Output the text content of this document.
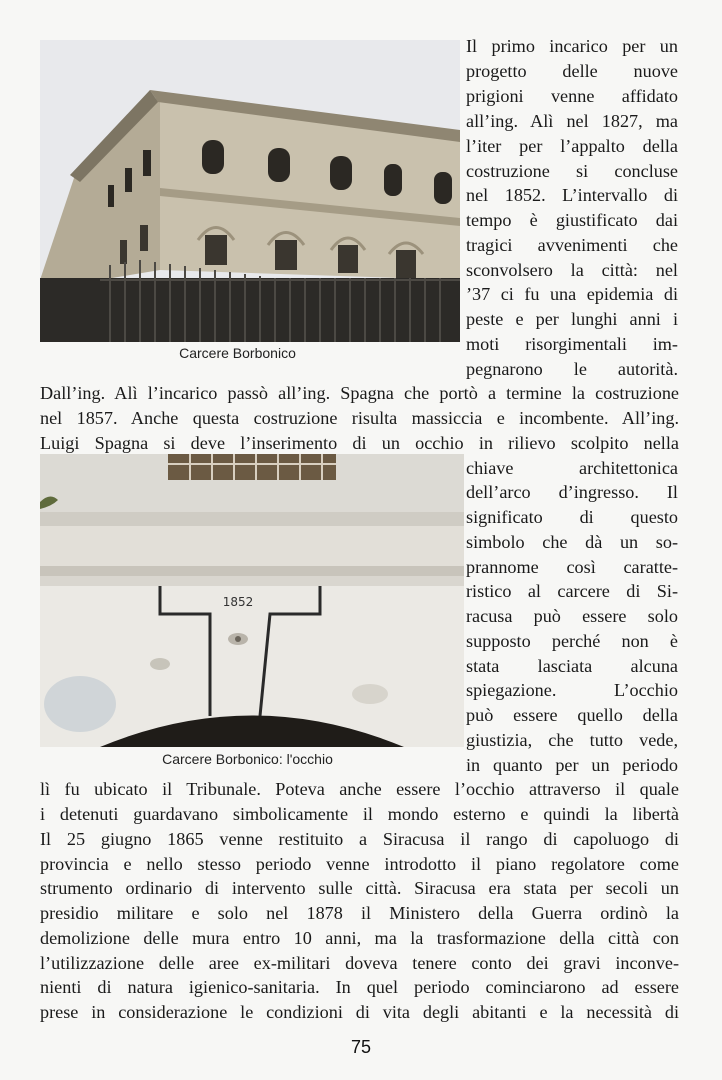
Carcere Borbonico
1852
Carcere Borbonico: l'occhio
Il primo incarico per un
progetto delle nuove
prigioni venne affidato
all’ing. Alì nel 1827, ma
l’iter per l’appalto della
costruzione si concluse
nel 1852. L’intervallo di
tempo è giustificato dai
tragici avvenimenti che
sconvolsero la città: nel
’37 ci fu una epidemia di
peste e per lunghi anni i
moti risorgimentali im-
pegnarono le autorità.
Dall’ing. Alì l’incarico passò all’ing. Spagna che portò a termine la costruzione
nel 1857. Anche questa costruzione risulta massiccia e incombente. All’ing.
Luigi Spagna si deve l’inserimento di un occhio in rilievo scolpito nella
chiave architettonica
dell’arco d’ingresso. Il
significato di questo
simbolo che dà un so-
prannome così caratte-
ristico al carcere di Si-
racusa può essere solo
supposto perché non è
stata lasciata alcuna
spiegazione. L’occhio
può essere quello della
giustizia, che tutto vede,
in quanto per un periodo
lì fu ubicato il Tribunale. Poteva anche essere l’occhio attraverso il quale
i detenuti guardavano simbolicamente il mondo esterno e quindi la libertà
Il 25 giugno 1865 venne restituito a Siracusa il rango di capoluogo di
provincia e nello stesso periodo venne introdotto il piano regolatore come
strumento ordinario di intervento sulle città. Siracusa era stata per secoli un
presidio militare e solo nel 1878 il Ministero della Guerra ordinò la
demolizione delle mura entro 10 anni, ma la trasformazione della città con
l’utilizzazione delle aree ex-militari doveva tenere conto dei gravi inconve-
nienti di natura igienico-sanitaria. In quel periodo cominciarono ad essere
prese in considerazione le condizioni di vita degli abitanti e la necessità di
75
